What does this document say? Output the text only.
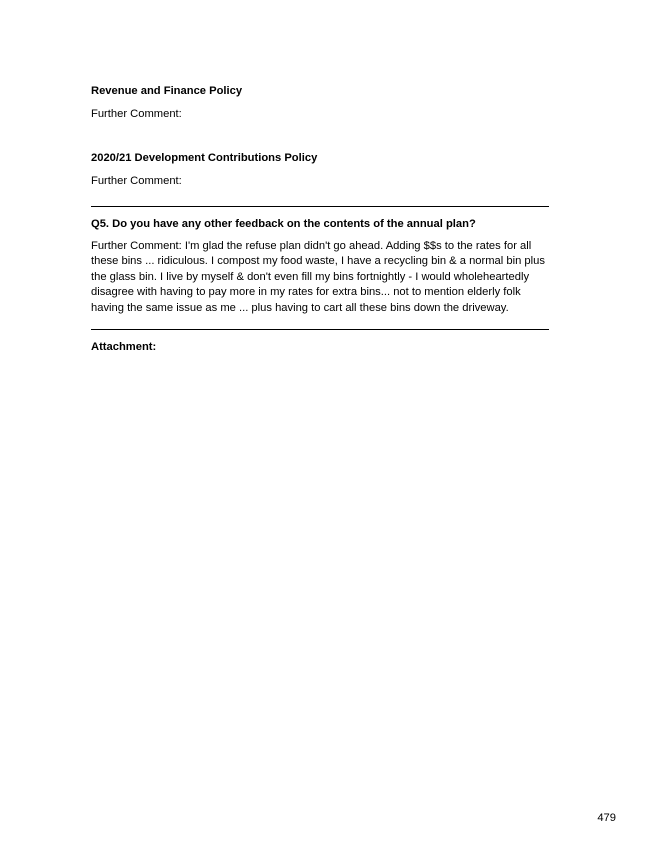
Revenue and Finance Policy
Further Comment:
2020/21 Development Contributions Policy
Further Comment:
Q5. Do you have any other feedback on the contents of the annual plan?
Further Comment: I'm glad the refuse plan didn't go ahead. Adding $$s to the rates for all
these bins ... ridiculous. I compost my food waste, I have a recycling bin & a normal bin plus
the glass bin. I live by myself & don't even fill my bins fortnightly - I would wholeheartedly
disagree with having to pay more in my rates for extra bins... not to mention elderly folk
having the same issue as me ... plus having to cart all these bins down the driveway.
Attachment:
479
